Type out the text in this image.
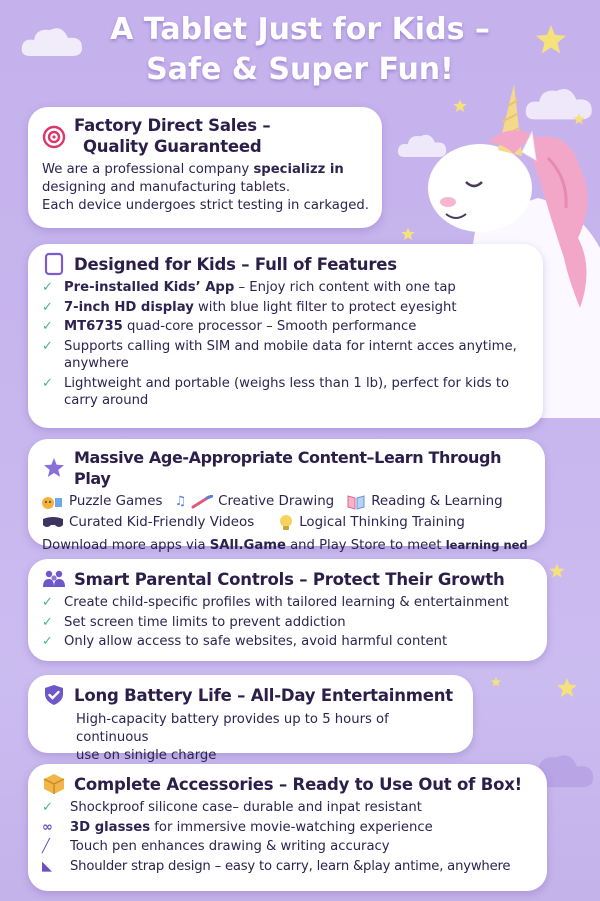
A Tablet Just for Kids –
Safe & Super Fun!
Factory Direct Sales –
Quality Guaranteed
We are a professional company specializz in
designing and manufacturing tablets.
Each device undergoes strict testing in carkaged.
Designed for Kids – Full of Features
✓ Pre-installed Kids’ App – Enjoy rich content with one tap
✓ 7-inch HD display with blue light filter to protect eyesight
✓ MT6735 quad-core processor – Smooth performance
✓ Supports calling with SIM and mobile data for internt acces anytime, anywhere
✓ Lightweight and portable (weighs less than 1 lb), perfect for kids to carry around
Massive Age-Appropriate Content–Learn Through Play
Puzzle Games ♫ Creative Drawing	Reading & Learning
Curated Kid-Friendly Videos	Logical Thinking Training
Download more apps via SAll.Game and Play Store to meet learning ned
Smart Parental Controls – Protect Their Growth
✓ Create child-specific profiles with tailored learning & entertainment
✓ Set screen time limits to prevent addiction
✓ Only allow access to safe websites, avoid harmful content
Long Battery Life – All-Day Entertainment
High-capacity battery provides up to 5 hours of continuous
use on sinigle charge
Complete Accessories – Ready to Use Out of Box!
✓	Shockproof silicone case– durable and inpat resistant
∞	3D glasses for immersive movie-watching experience
╱	Touch pen enhances drawing & writing accuracy
◣	Shoulder strap design – easy to carry, learn &play antime, anywhere
